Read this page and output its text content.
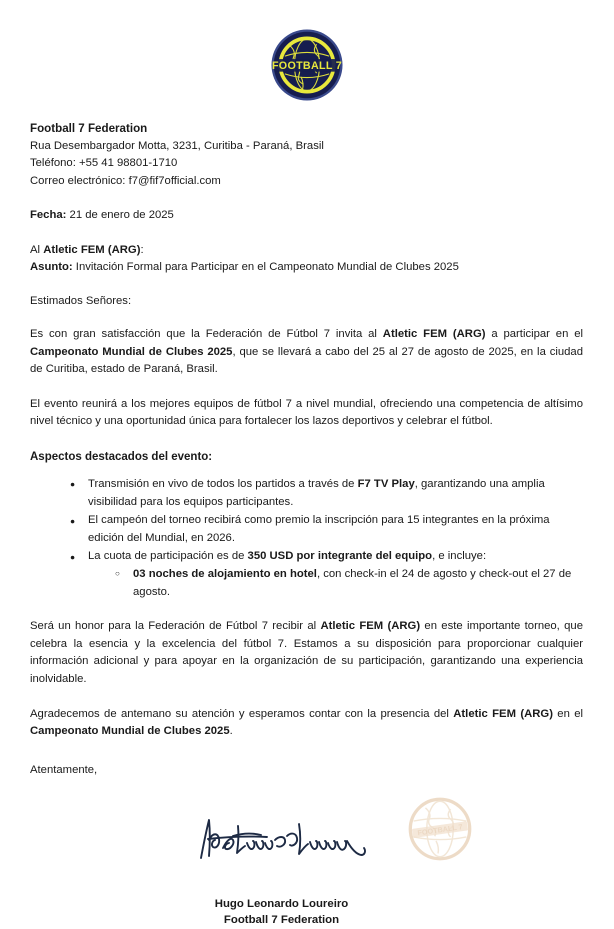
FOOTBALL 7
Football 7 Federation
Rua Desembargador Motta, 3231, Curitiba - Paraná, Brasil
Teléfono: +55 41 98801-1710
Correo electrónico: f7@fif7official.com
Fecha: 21 de enero de 2025
Al Atletic FEM (ARG):
Asunto: Invitación Formal para Participar en el Campeonato Mundial de Clubes 2025
Estimados Señores:

Es con gran satisfacción que la Federación de Fútbol 7 invita al Atletic FEM (ARG) a participar en el Campeonato Mundial de Clubes 2025, que se llevará a cabo del 25 al 27 de agosto de 2025, en la ciudad de Curitiba, estado de Paraná, Brasil.

El evento reunirá a los mejores equipos de fútbol 7 a nivel mundial, ofreciendo una competencia de altísimo nivel técnico y una oportunidad única para fortalecer los lazos deportivos y celebrar el fútbol.

Aspectos destacados del evento:
● Transmisión en vivo de todos los partidos a través de F7 TV Play, garantizando una amplia visibilidad para los equipos participantes.
● El campeón del torneo recibirá como premio la inscripción para 15 integrantes en la próxima edición del Mundial, en 2026.
● La cuota de participación es de 350 USD por integrante del equipo, e incluye:
○ 03 noches de alojamiento en hotel, con check-in el 24 de agosto y check-out el 27 de agosto.

Será un honor para la Federación de Fútbol 7 recibir al Atletic FEM (ARG) en este importante torneo, que celebra la esencia y la excelencia del fútbol 7. Estamos a su disposición para proporcionar cualquier información adicional y para apoyar en la organización de su participación, garantizando una experiencia inolvidable.

Agradecemos de antemano su atención y esperamos contar con la presencia del Atletic FEM (ARG) en el Campeonato Mundial de Clubes 2025.

Atentamente,
FOOTBALL 7
Hugo Leonardo Loureiro
Football 7 Federation
